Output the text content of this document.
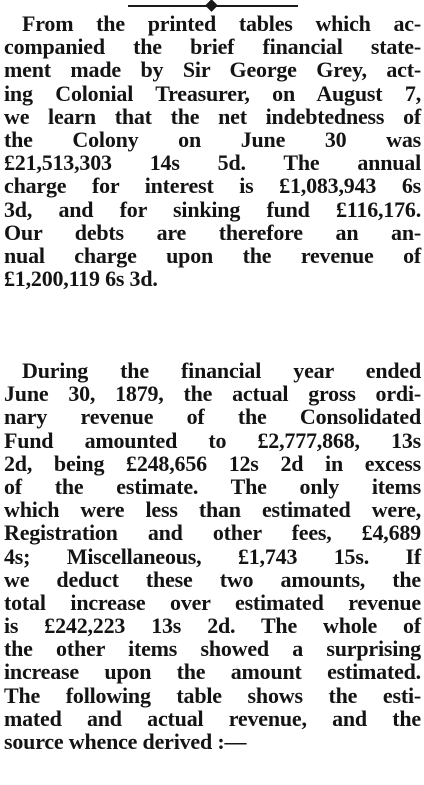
From the printed tables which ac-
companied the brief financial state-
ment made by Sir George Grey, act-
ing Colonial Treasurer, on August 7,
we learn that the net indebtedness of
the Colony on June 30 was
£21,513,303 14s 5d. The annual
charge for interest is £1,083,943 6s
3d, and for sinking fund £116,176.
Our debts are therefore an an-
nual charge upon the revenue of
£1,200,119 6s 3d.
During the financial year ended
June 30, 1879, the actual gross ordi-
nary revenue of the Consolidated
Fund amounted to £2,777,868, 13s
2d, being £248,656 12s 2d in excess
of the estimate. The only items
which were less than estimated were,
Registration and other fees, £4,689
4s; Miscellaneous, £1,743 15s. If
we deduct these two amounts, the
total increase over estimated revenue
is £242,223 13s 2d. The whole of
the other items showed a surprising
increase upon the amount estimated.
The following table shows the esti-
mated and actual revenue, and the
source whence derived :—
